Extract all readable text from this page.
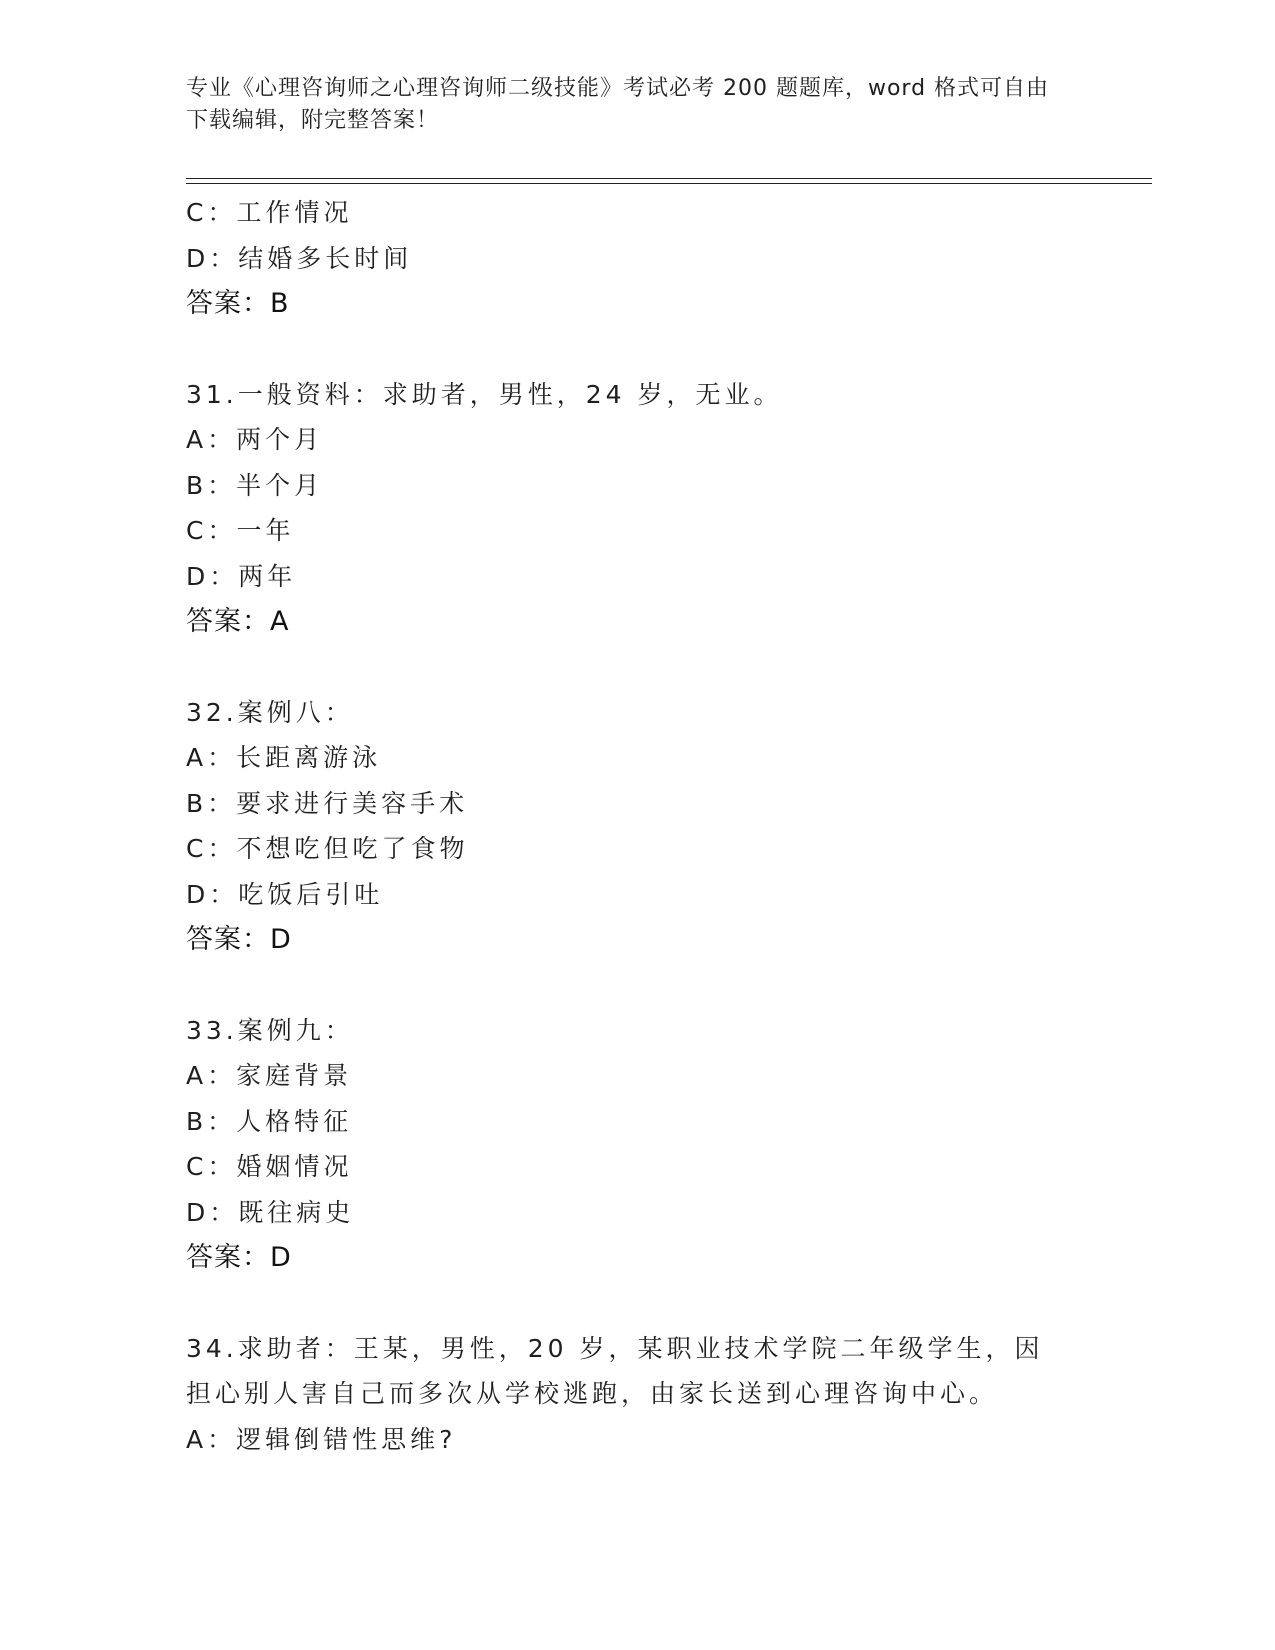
专业《心理咨询师之心理咨询师二级技能》考试必考 200 题题库，word 格式可自由下载编辑，附完整答案！
C：工作情况
D：结婚多长时间
答案：B
31.一般资料：求助者，男性，24 岁，无业。
A：两个月
B：半个月
C：一年
D：两年
答案：A
32.案例八：
A：长距离游泳
B：要求进行美容手术
C：不想吃但吃了食物
D：吃饭后引吐
答案：D
33.案例九：
A：家庭背景
B：人格特征
C：婚姻情况
D：既往病史
答案：D
34.求助者：王某，男性，20 岁，某职业技术学院二年级学生，因担心别人害自己而多次从学校逃跑，由家长送到心理咨询中心。
A：逻辑倒错性思维?
